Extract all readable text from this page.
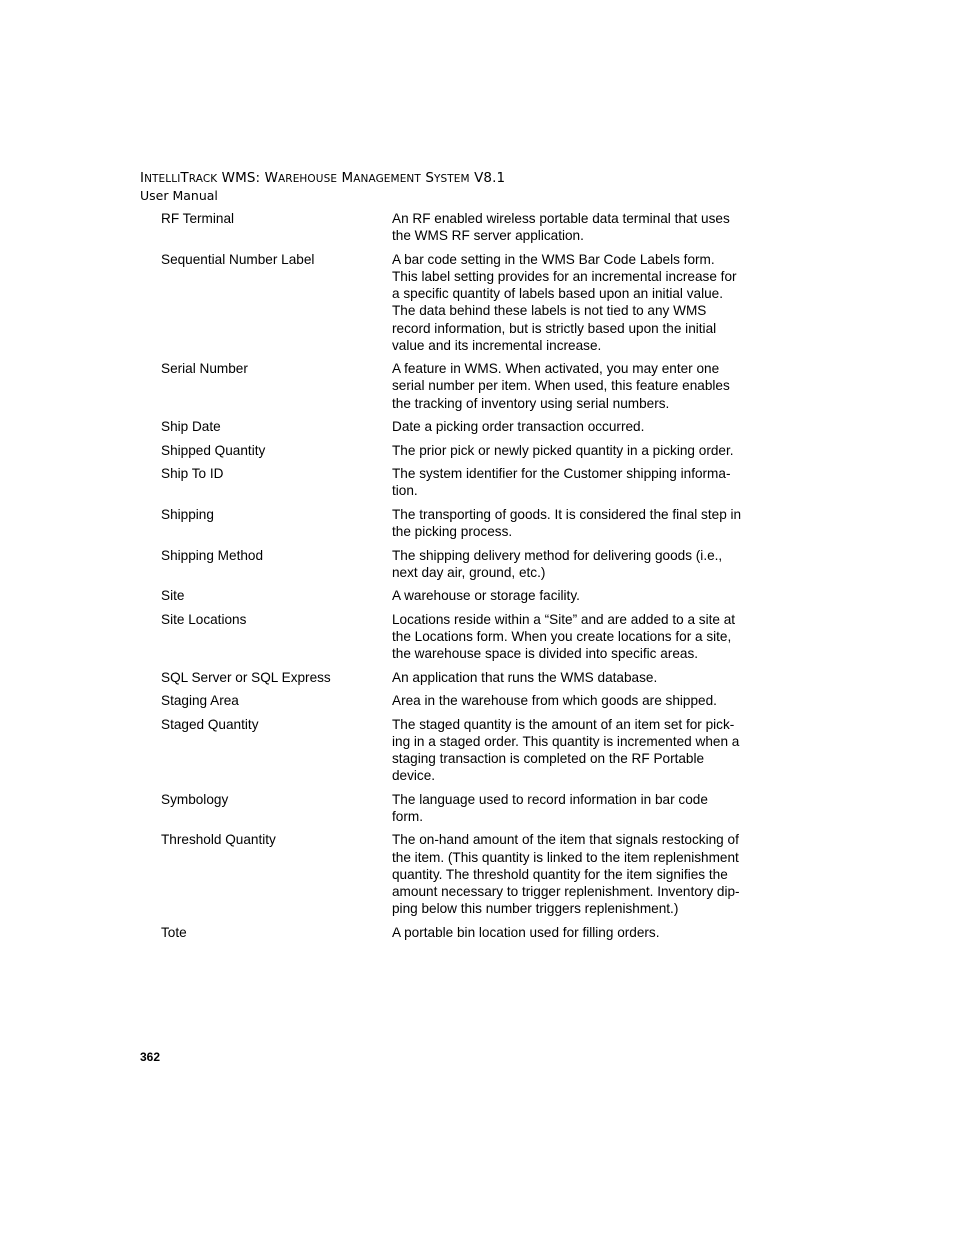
INTELLITRACK WMS: WAREHOUSE MANAGEMENT SYSTEM V8.1
User Manual
RF Terminal	An RF enabled wireless portable data terminal that uses
the WMS RF server application.
Sequential Number Label	A bar code setting in the WMS Bar Code Labels form.
This label setting provides for an incremental increase for
a specific quantity of labels based upon an initial value.
The data behind these labels is not tied to any WMS
record information, but is strictly based upon the initial
value and its incremental increase.
Serial Number	A feature in WMS. When activated, you may enter one
serial number per item. When used, this feature enables
the tracking of inventory using serial numbers.
Ship Date	Date a picking order transaction occurred.
Shipped Quantity	The prior pick or newly picked quantity in a picking order.
Ship To ID	The system identifier for the Customer shipping informa-
tion.
Shipping	The transporting of goods. It is considered the final step in
the picking process.
Shipping Method	The shipping delivery method for delivering goods (i.e.,
next day air, ground, etc.)
Site	A warehouse or storage facility.
Site Locations	Locations reside within a “Site” and are added to a site at
the Locations form. When you create locations for a site,
the warehouse space is divided into specific areas.
SQL Server or SQL Express	An application that runs the WMS database.
Staging Area	Area in the warehouse from which goods are shipped.
Staged Quantity	The staged quantity is the amount of an item set for pick-
ing in a staged order. This quantity is incremented when a
staging transaction is completed on the RF Portable
device.
Symbology	The language used to record information in bar code
form.
Threshold Quantity	The on-hand amount of the item that signals restocking of
the item. (This quantity is linked to the item replenishment
quantity. The threshold quantity for the item signifies the
amount necessary to trigger replenishment. Inventory dip-
ping below this number triggers replenishment.)
Tote	A portable bin location used for filling orders.
362
